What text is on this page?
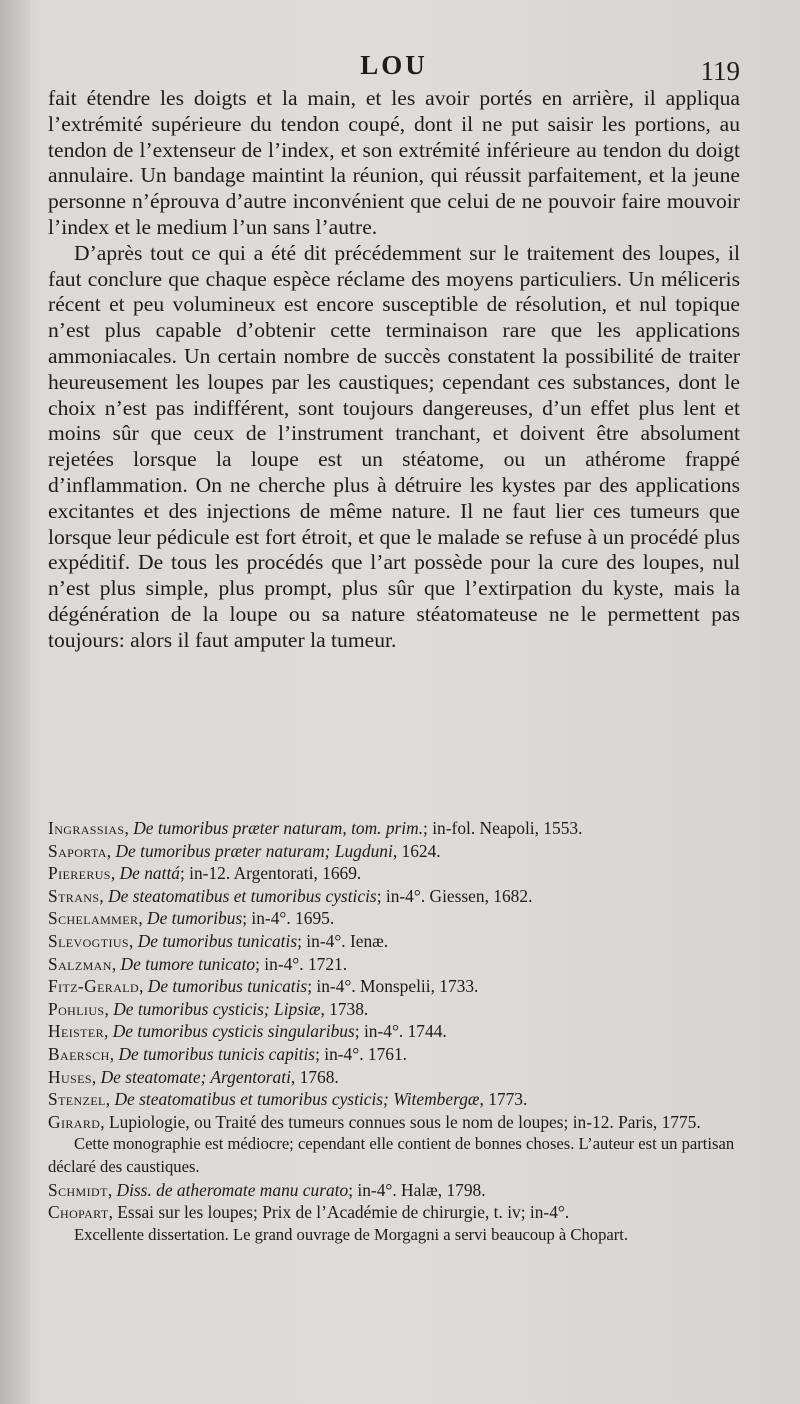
LOU	119

fait étendre les doigts et la main, et les avoir portés en arrière, il appliqua l’extrémité supérieure du tendon coupé, dont il ne put saisir les portions, au tendon de l’extenseur de l’index, et son extrémité inférieure au tendon du doigt annulaire. Un bandage maintint la réunion, qui réussit parfaitement, et la jeune personne n’éprouva d’autre inconvénient que celui de ne pouvoir faire mouvoir l’index et le medium l’un sans l’autre.

D’après tout ce qui a été dit précédemment sur le traitement des loupes, il faut conclure que chaque espèce réclame des moyens particuliers. Un méliceris récent et peu volumineux est encore susceptible de résolution, et nul topique n’est plus capable d’obtenir cette terminaison rare que les applications ammoniacales. Un certain nombre de succès constatent la possibilité de traiter heureusement les loupes par les caustiques; cependant ces substances, dont le choix n’est pas indifférent, sont toujours dangereuses, d’un effet plus lent et moins sûr que ceux de l’instrument tranchant, et doivent être absolument rejetées lorsque la loupe est un stéatome, ou un athérome frappé d’inflammation. On ne cherche plus à détruire les kystes par des applications excitantes et des injections de même nature. Il ne faut lier ces tumeurs que lorsque leur pédicule est fort étroit, et que le malade se refuse à un procédé plus expéditif. De tous les procédés que l’art possède pour la cure des loupes, nul n’est plus simple, plus prompt, plus sûr que l’extirpation du kyste, mais la dégénération de la loupe ou sa nature stéatomateuse ne le permettent pas toujours: alors il faut amputer la tumeur.

Ingrassias, De tumoribus præter naturam, tom. prim.; in-fol. Neapoli, 1553.

Saporta, De tumoribus præter naturam; Lugduni, 1624.

Piererus, De nattá; in-12. Argentorati, 1669.

Strans, De steatomatibus et tumoribus cysticis; in-4°. Giessen, 1682.

Schelammer, De tumoribus; in-4°. 1695.

Slevogtius, De tumoribus tunicatis; in-4°. Ienæ.

Salzman, De tumore tunicato; in-4°. 1721.

Fitz-Gerald, De tumoribus tunicatis; in-4°. Monspelii, 1733.

Pohlius, De tumoribus cysticis; Lipsiæ, 1738.

Heister, De tumoribus cysticis singularibus; in-4°. 1744.

Baersch, De tumoribus tunicis capitis; in-4°. 1761.

Huses, De steatomate; Argentorati, 1768.

Stenzel, De steatomatibus et tumoribus cysticis; Witembergæ, 1773.

Girard, Lupiologie, ou Traité des tumeurs connues sous le nom de loupes; in-12. Paris, 1775.

Cette monographie est médiocre; cependant elle contient de bonnes choses. L’auteur est un partisan déclaré des caustiques.

Schmidt, Diss. de atheromate manu curato; in-4°. Halæ, 1798.

Chopart, Essai sur les loupes; Prix de l’Académie de chirurgie, t. iv; in-4°.

Excellente dissertation. Le grand ouvrage de Morgagni a servi beaucoup à Chopart.
